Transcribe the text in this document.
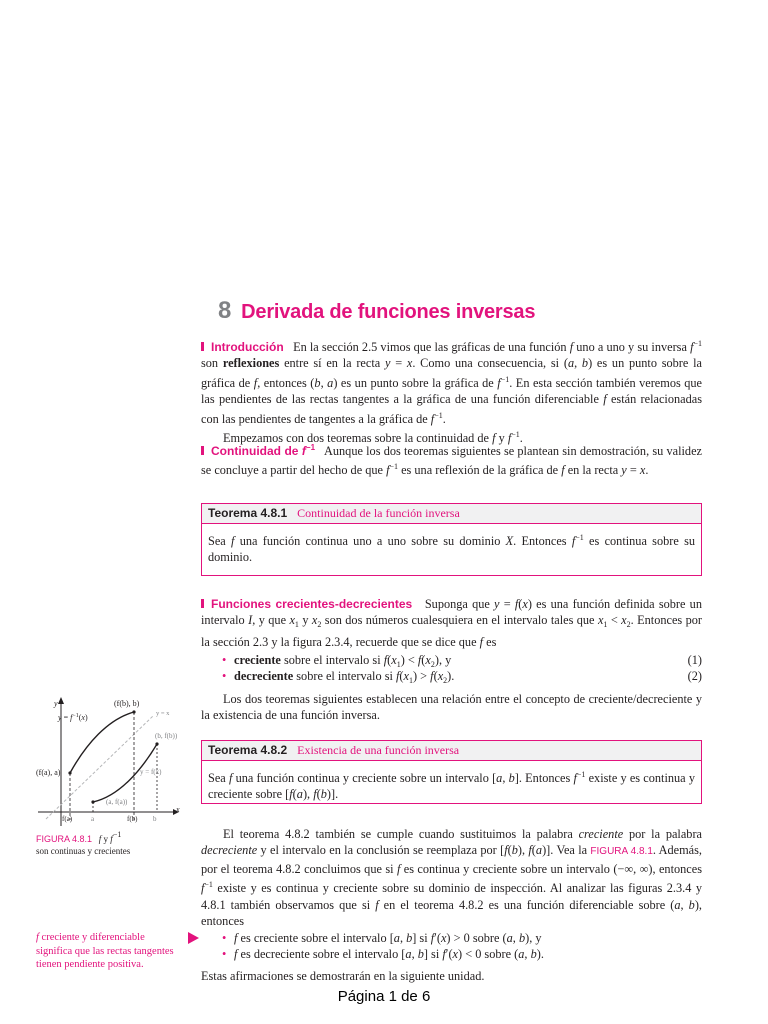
8 Derivada de funciones inversas

Introducción En la sección 2.5 vimos que las gráficas de una función f uno a uno y su inversa $f^{-1}$ son reflexiones entre sí en la recta y = x. Como una consecuencia, si (a, b) es un punto sobre la gráfica de f, entonces (b, a) es un punto sobre la gráfica de $f^{-1}$. En esta sección también veremos que las pendientes de las rectas tangentes a la gráfica de una función diferenciable f están relacionadas con las pendientes de tangentes a la gráfica de $f^{-1}$.

Empezamos con dos teoremas sobre la continuidad de f y $f^{-1}$.

Continuidad de $f^{-1}$ Aunque los dos teoremas siguientes se plantean sin demostración, su validez se concluye a partir del hecho de que $f^{-1}$ es una reflexión de la gráfica de f en la recta y = x.

Teorema 4.8.1 Continuidad de la función inversa
Sea f una función continua uno a uno sobre su dominio X. Entonces $f^{-1}$ es continua sobre su dominio.

Funciones crecientes-decrecientes Suponga que y = f(x) es una función definida sobre un intervalo I, y que $x_1$ y $x_2$ son dos números cualesquiera en el intervalo tales que $x_1 < x_2$. Entonces por la sección 2.3 y la figura 2.3.4, recuerde que se dice que f es

• creciente sobre el intervalo si $f(x_1) < f(x_2)$, y	(1)
• decreciente sobre el intervalo si $f(x_1) > f(x_2)$.	(2)
Los dos teoremas siguientes establecen una relación entre el concepto de creciente/decreciente y la existencia de una función inversa.
Teorema 4.8.2 Existencia de una función inversa
Sea f una función continua y creciente sobre un intervalo [a, b]. Entonces $f^{-1}$ existe y es continua y creciente sobre [f(a), f(b)].
El teorema 4.8.2 también se cumple cuando sustituimos la palabra creciente por la palabra decreciente y el intervalo en la conclusión se reemplaza por [f(b), f(a)]. Vea la FIGURA 4.8.1. Además, por el teorema 4.8.2 concluimos que si f es continua y creciente sobre un intervalo (−∞, ∞), entonces $f^{-1}$ existe y es continua y creciente sobre su dominio de inspección. Al analizar las figuras 2.3.4 y 4.8.1 también observamos que si f en el teorema 4.8.2 es una función diferenciable sobre (a, b), entonces
• f es creciente sobre el intervalo [a, b] si f′(x) > 0 sobre (a, b), y
• f es decreciente sobre el intervalo [a, b] si f′(x) < 0 sobre (a, b).
Estas afirmaciones se demostrarán en la siguiente unidad.
y
x
$y = f^{-1}(x)$
(f(b), b)
y = x
(b, f(b))
(f(a), a)	y = f(x)
(a, f(a))
f(a)	a	f(b) b
FIGURA 4.8.1 f y f−1
son continuas y crecientes
f creciente y diferenciable significa que las rectas tangentes tienen pendiente positiva.
Página 1 de 6
